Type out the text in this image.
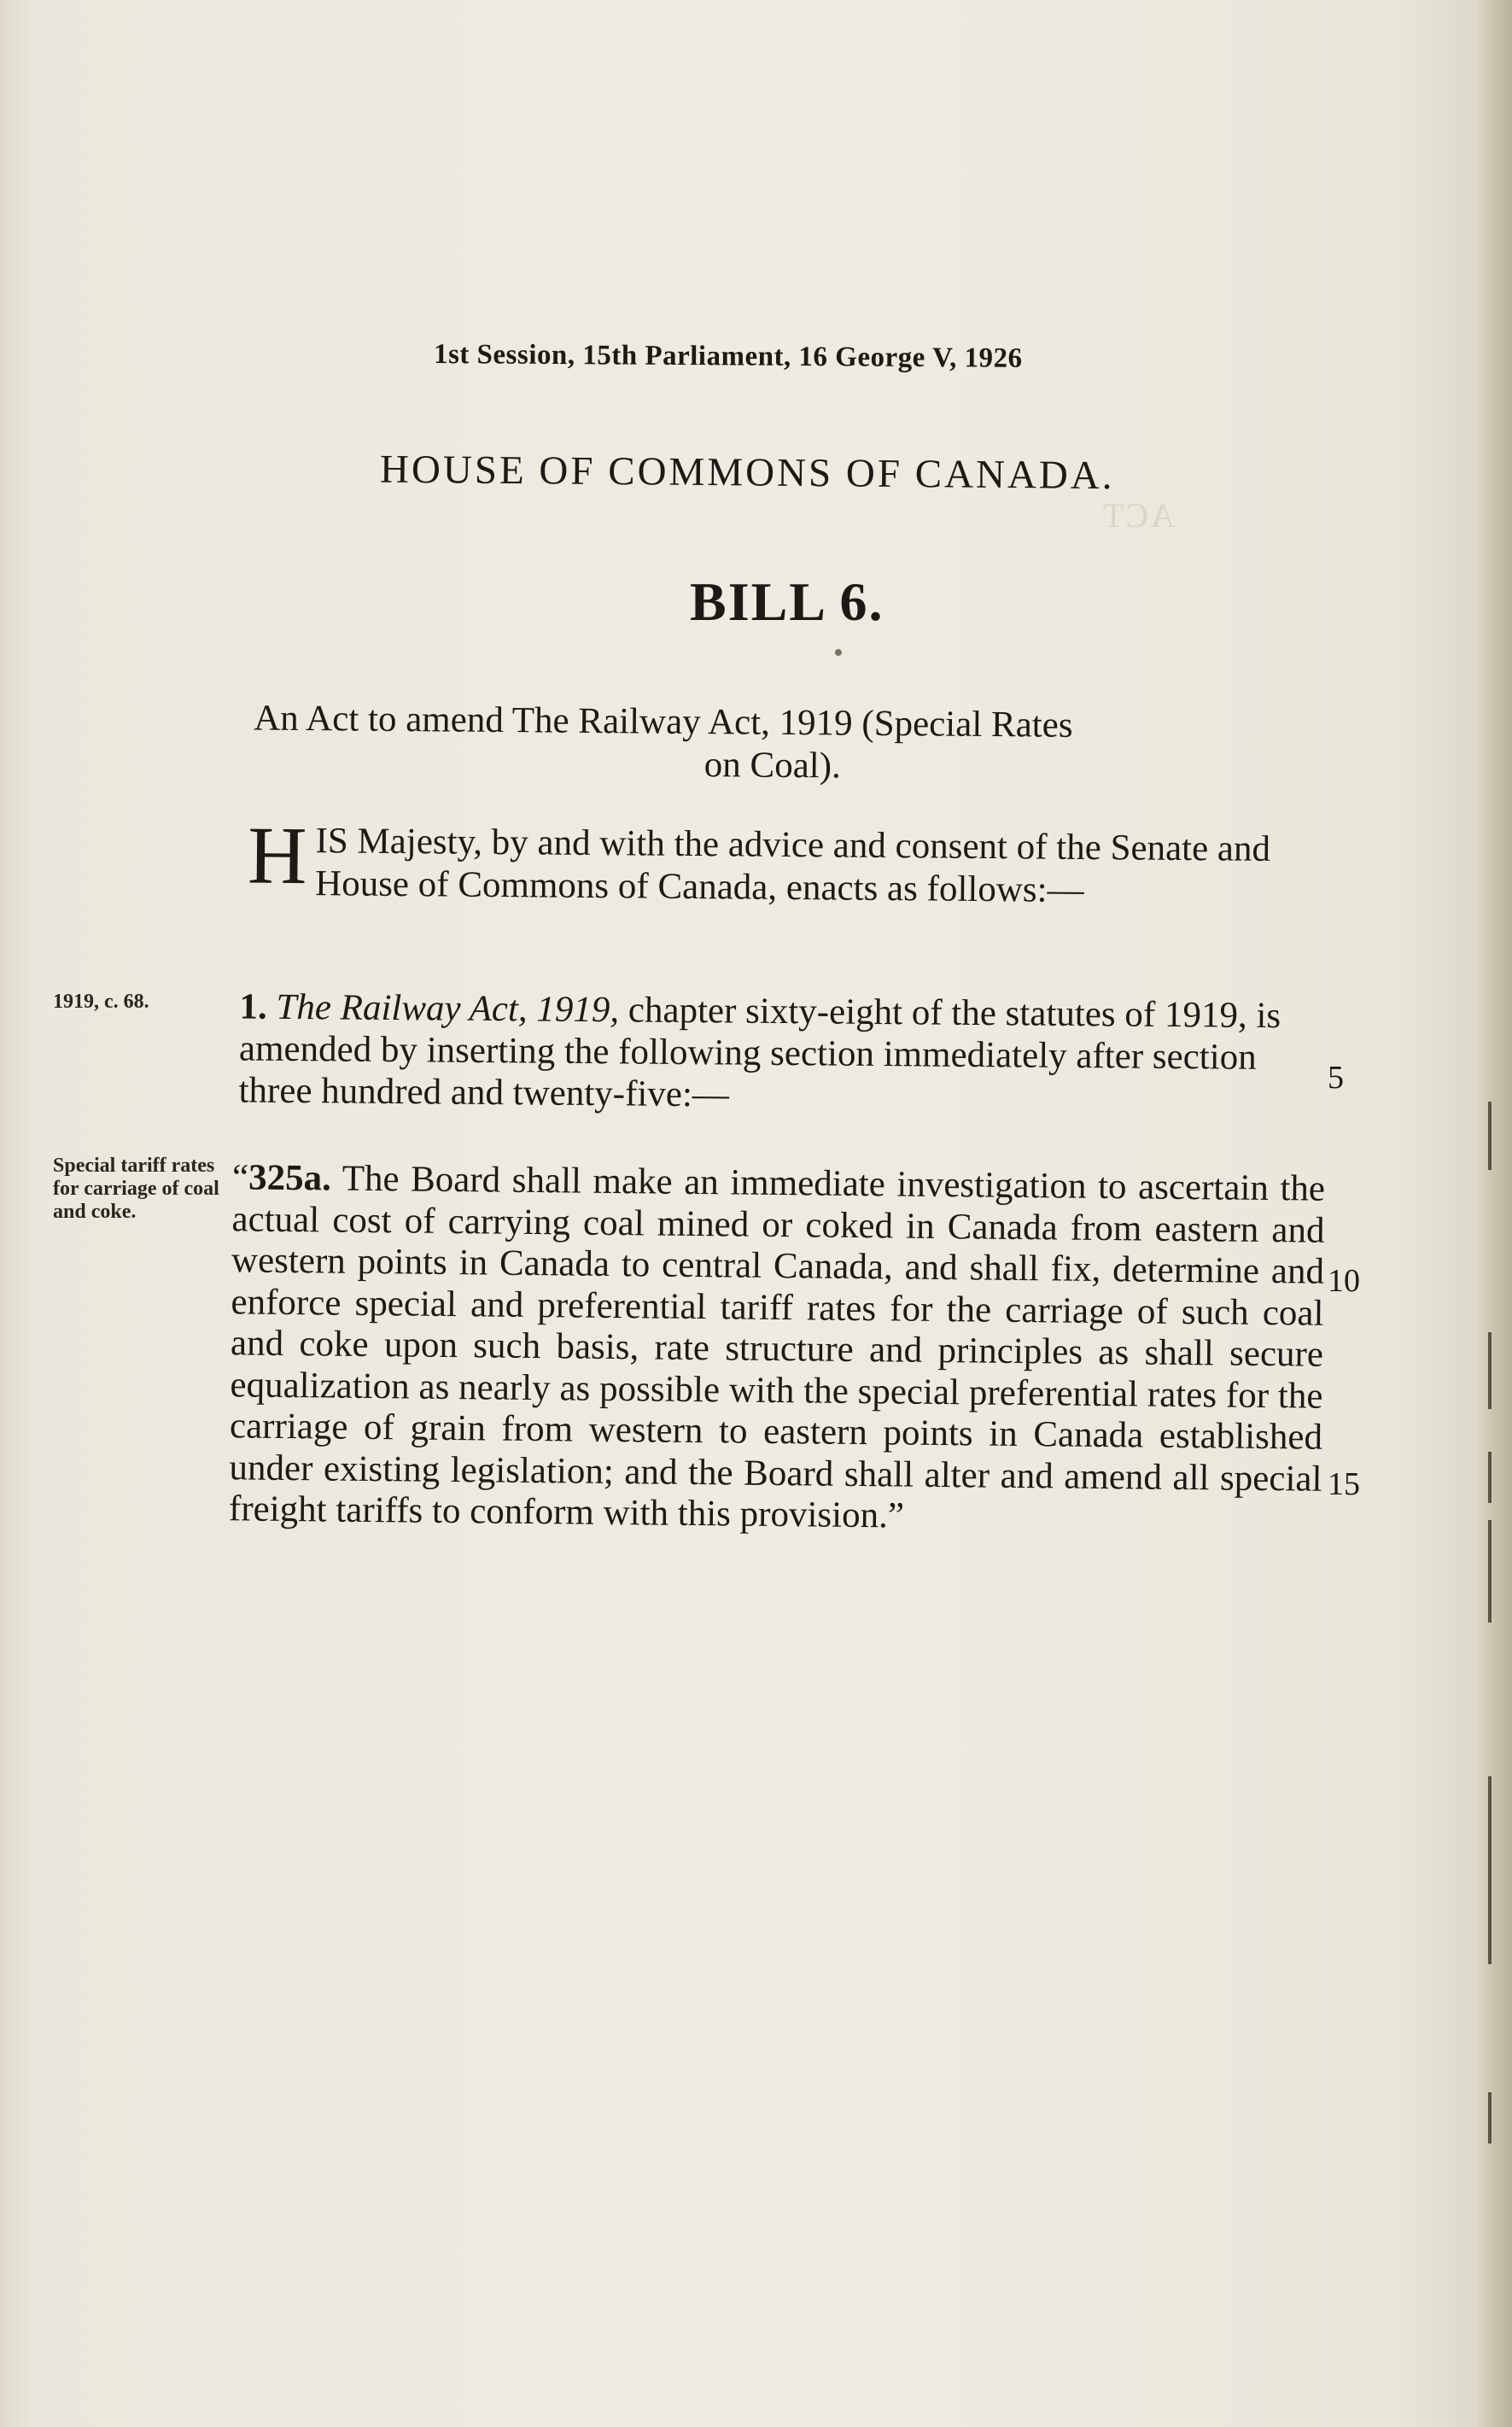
ACT
1st Session, 15th Parliament, 16 George V, 1926
HOUSE OF COMMONS OF CANADA.
BILL 6.
An Act to amend The Railway Act, 1919 (Special Rates
on Coal).
H IS Majesty, by and with the advice and consent of the Senate and House of Commons of Canada, enacts as follows:—
1919, c. 68.
Special tariff rates for carriage of coal and coke.
1. The Railway Act, 1919, chapter sixty-eight of the statutes of 1919, is amended by inserting the following section immediately after section three hundred and twenty-five:—
“325a. The Board shall make an immediate investigation to ascertain the actual cost of carrying coal mined or coked in Canada from eastern and western points in Canada to central Canada, and shall fix, determine and enforce special and preferential tariff rates for the carriage of such coal and coke upon such basis, rate structure and principles as shall secure equalization as nearly as possible with the special preferential rates for the carriage of grain from western to eastern points in Canada established under existing legislation; and the Board shall alter and amend all special freight tariffs to conform with this provision.”
5
10
15
